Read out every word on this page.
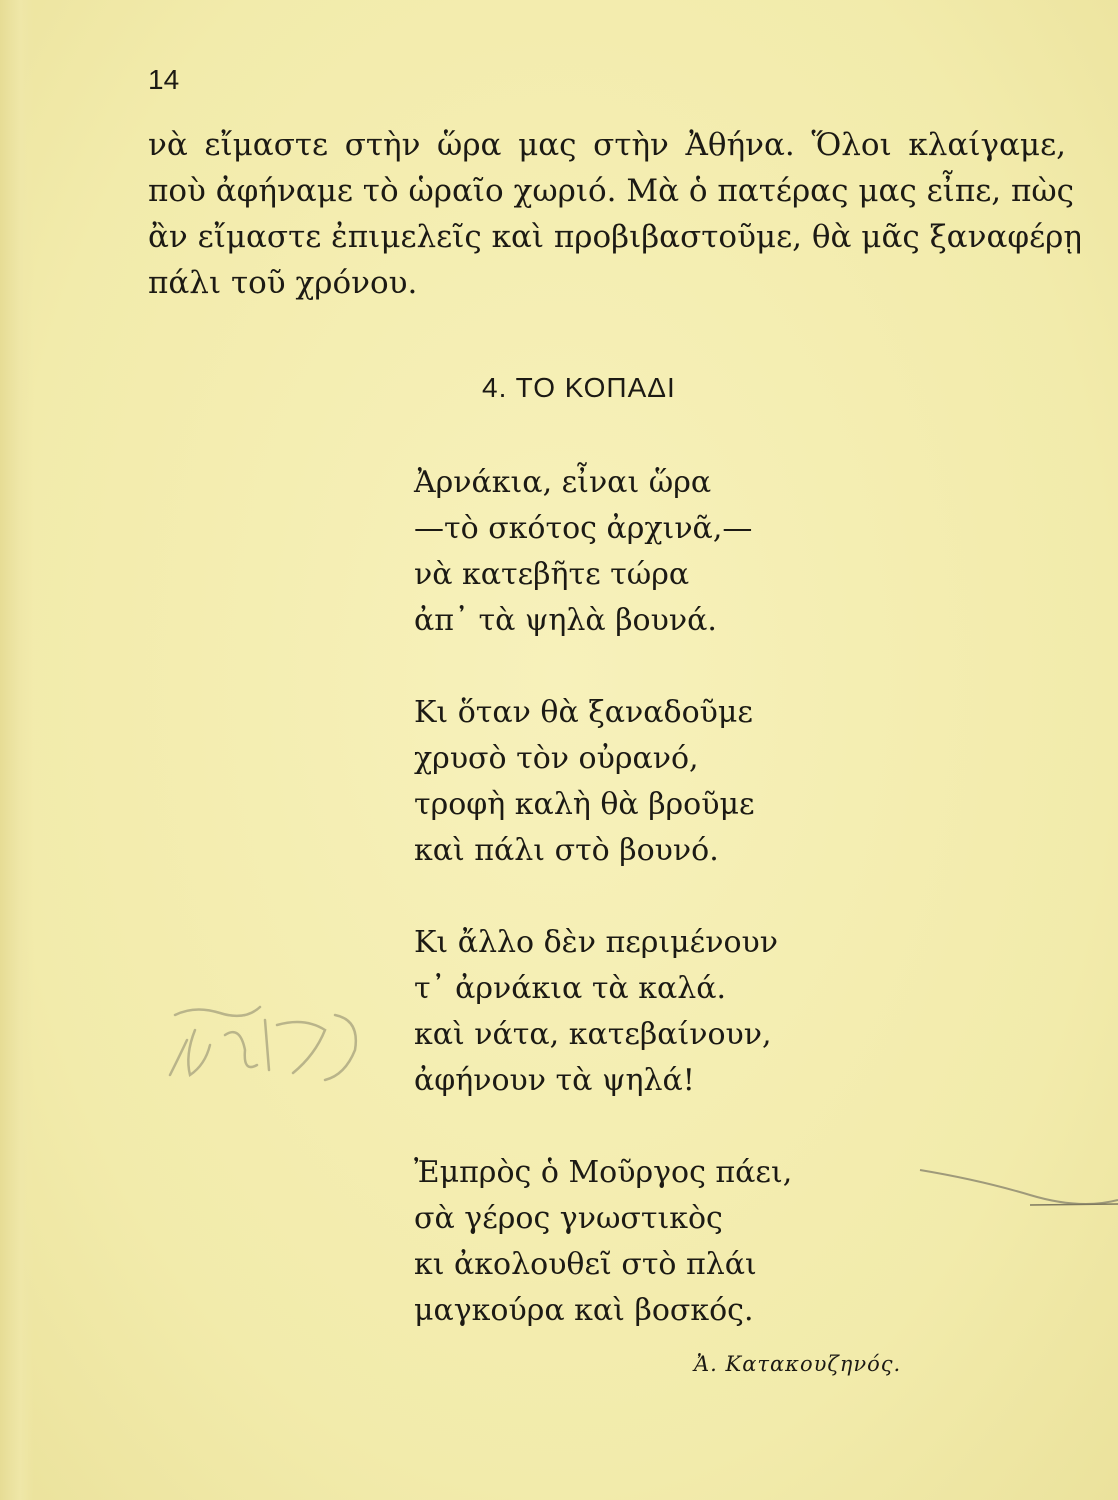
14
νὰ εἴμαστε στὴν ὥρα μας στὴν Ἀθήνα. Ὅλοι κλαίγαμε,
ποὺ ἀφήναμε τὸ ὡραῖο χωριό. Μὰ ὁ πατέρας μας εἶπε, πὼς
ἂν εἴμαστε ἐπιμελεῖς καὶ προβιβαστοῦμε, θὰ μᾶς ξαναφέρῃ
πάλι τοῦ χρόνου.
4. ΤΟ ΚΟΠΑΔΙ
Ἀρνάκια, εἶναι ὥρα
—τὸ σκότος ἀρχινᾶ,—
νὰ κατεβῆτε τώρα
ἀπ᾽ τὰ ψηλὰ βουνά.
Κι ὅταν θὰ ξαναδοῦμε
χρυσὸ τὸν οὐρανό,
τροφὴ καλὴ θὰ βροῦμε
καὶ πάλι στὸ βουνό.
Κι ἄλλο δὲν περιμένουν
τ᾽ ἀρνάκια τὰ καλά.
καὶ νάτα, κατεβαίνουν,
ἀφήνουν τὰ ψηλά!
Ἐμπρὸς ὁ Μοῦργος πάει,
σὰ γέρος γνωστικὸς
κι ἀκολουθεῖ στὸ πλάι
μαγκούρα καὶ βοσκός.
Ἀ. Κατακουζηνός.
